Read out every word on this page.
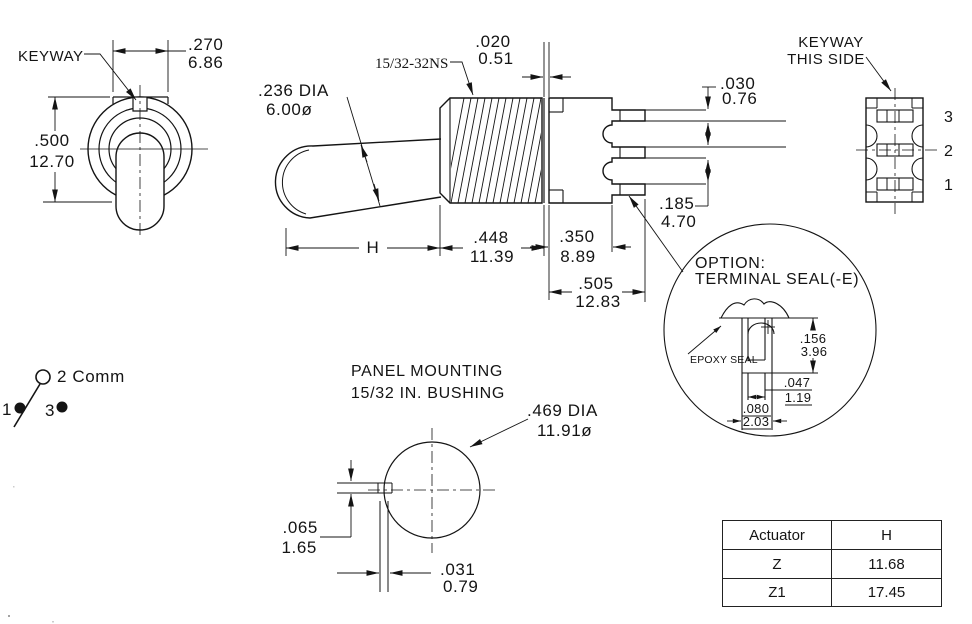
KEYWAY
.270
6.86
.500
12.70
.236 DIA
6.00ø
15/32-32NS
.020
0.51
.030
0.76
.185
4.70
H
.448
11.39
.350
8.89
.505
12.83
KEYWAY
THIS SIDE
3
2
1
OPTION:
TERMINAL SEAL(-E)
EPOXY SEAL
.156
3.96
.047
1.19
.080
2.03
2 Comm
1 3
PANEL MOUNTING
15/32 IN. BUSHING
.469 DIA
11.91ø
.065
1.65
.031
0.79
Actuator	H
Z	11.68
Z1	17.45
